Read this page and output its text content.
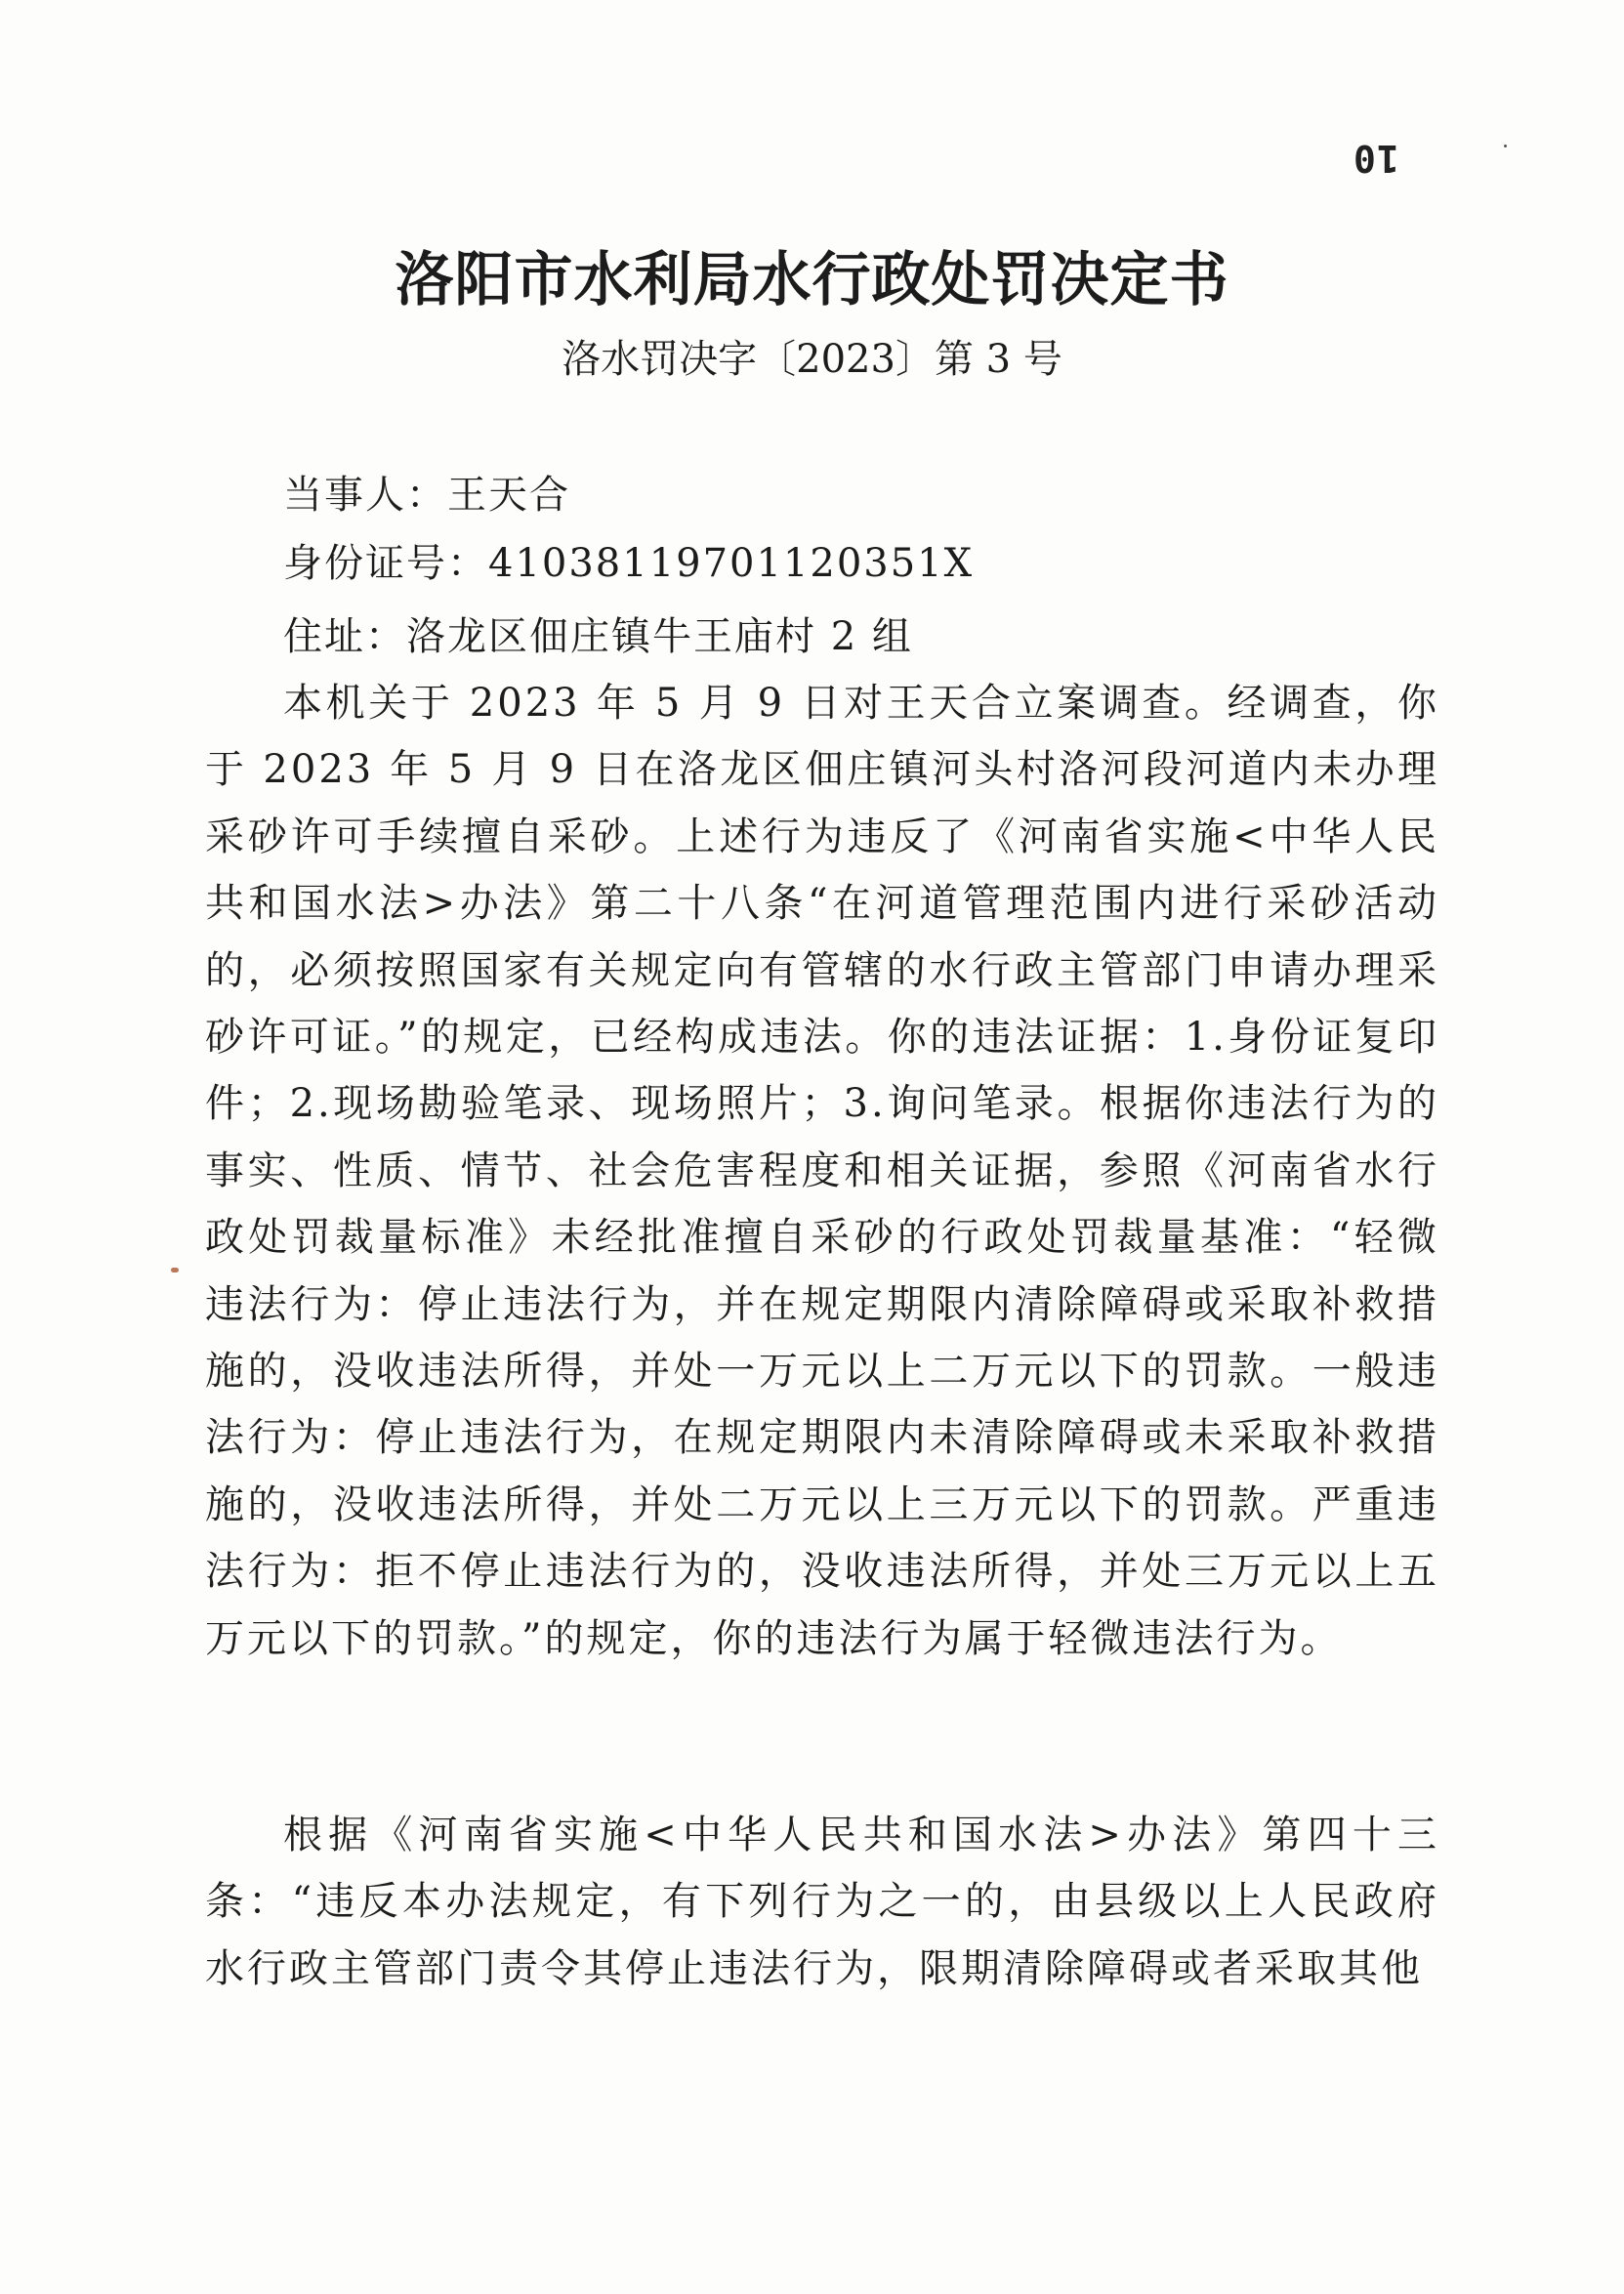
10
洛阳市水利局水行政处罚决定书
洛水罚决字〔2023〕第 3 号
当事人：王天合
身份证号：41038119701120351X
住址：洛龙区佃庄镇牛王庙村 2 组
本机关于 2023 年 5 月 9 日对王天合立案调查。经调查，你于 2023 年 5 月 9 日在洛龙区佃庄镇河头村洛河段河道内未办理采砂许可手续擅自采砂。上述行为违反了《河南省实施<中华人民共和国水法>办法》第二十八条“在河道管理范围内进行采砂活动的，必须按照国家有关规定向有管辖的水行政主管部门申请办理采砂许可证。”的规定，已经构成违法。你的违法证据：1.身份证复印件；2.现场勘验笔录、现场照片；3.询问笔录。根据你违法行为的事实、性质、情节、社会危害程度和相关证据，参照《河南省水行政处罚裁量标准》未经批准擅自采砂的行政处罚裁量基准：“轻微违法行为：停止违法行为，并在规定期限内清除障碍或采取补救措施的，没收违法所得，并处一万元以上二万元以下的罚款。一般违法行为：停止违法行为，在规定期限内未清除障碍或未采取补救措施的，没收违法所得，并处二万元以上三万元以下的罚款。严重违法行为：拒不停止违法行为的，没收违法所得，并处三万元以上五万元以下的罚款。”的规定，你的违法行为属于轻微违法行为。
根据《河南省实施<中华人民共和国水法>办法》第四十三条：“违反本办法规定，有下列行为之一的，由县级以上人民政府水行政主管部门责令其停止违法行为，限期清除障碍或者采取其他
